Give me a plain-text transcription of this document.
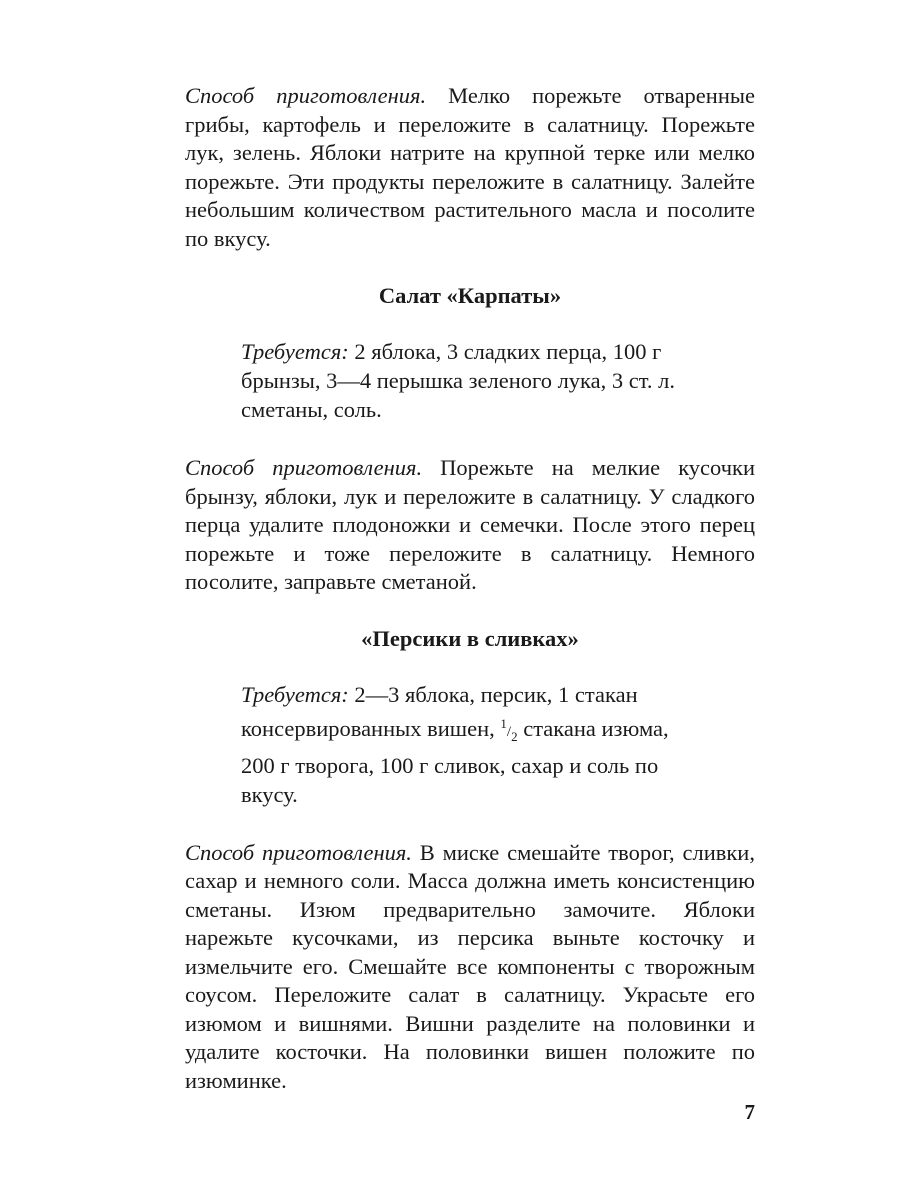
Способ приготовления. Мелко порежьте отваренные грибы, картофель и переложите в салатницу. Порежьте лук, зелень. Яблоки натрите на крупной терке или мелко порежьте. Эти продукты переложите в салатницу. Залейте небольшим количеством растительного масла и посолите по вкусу.

Салат «Карпаты»

Требуется: 2 яблока, 3 сладких перца, 100 г брынзы, 3—4 перышка зеленого лука, 3 ст. л. сметаны, соль.

Способ приготовления. Порежьте на мелкие кусочки брынзу, яблоки, лук и переложите в салатницу. У сладкого перца удалите плодоножки и семечки. После этого перец порежьте и тоже переложите в салатницу. Немного посолите, заправьте сметаной.

«Персики в сливках»

Требуется: 2—3 яблока, персик, 1 стакан консервированных вишен, $^1/_2$ стакана изюма, 200 г творога, 100 г сливок, сахар и соль по вкусу.

Способ приготовления. В миске смешайте творог, сливки, сахар и немного соли. Масса должна иметь консистенцию сметаны. Изюм предварительно замочите. Яблоки нарежьте кусочками, из персика выньте косточку и измельчите его. Смешайте все компоненты с творожным соусом. Переложите салат в салатницу. Украсьте его изюмом и вишнями. Вишни разделите на половинки и удалите косточки. На половинки вишен положите по изюминке.

7
